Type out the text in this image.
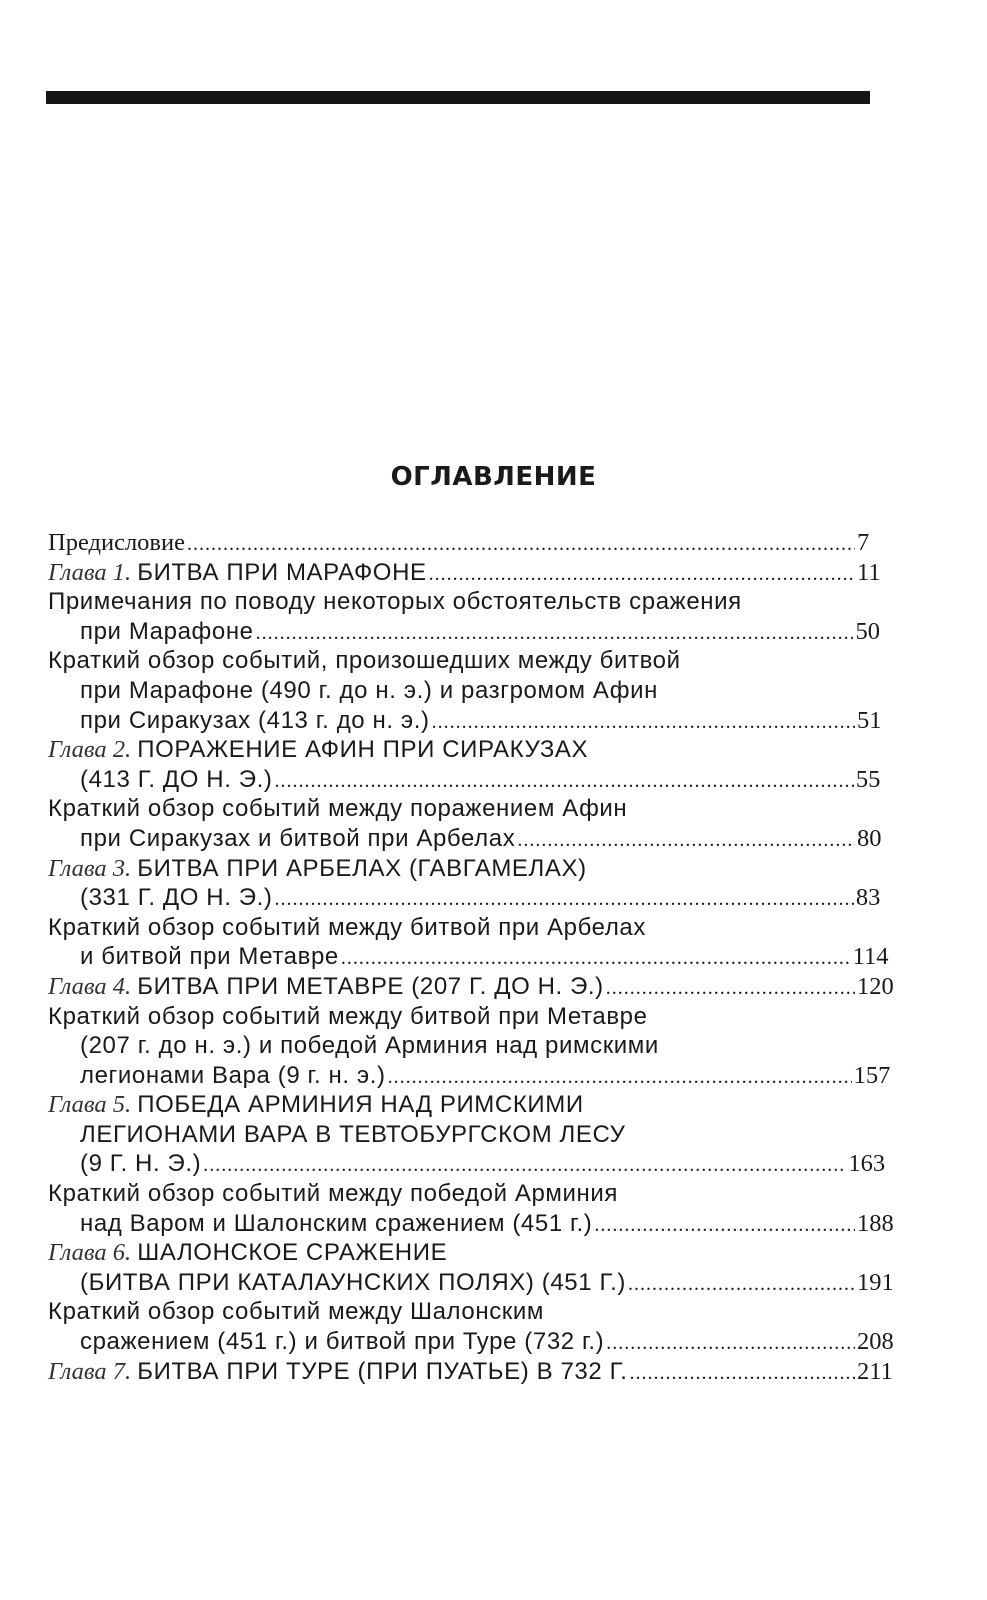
ОГЛАВЛЕНИЕ
Предисловие .....	7
Глава 1.
БИТВА ПРИ МАРАФОНЕ .....	11
Примечания по поводу некоторых обстоятельств сражения
при Марафоне .....	50
Краткий обзор событий, произошедших между битвой
при Марафоне (490 г. до н. э.) и разгромом Афин
при Сиракузах (413 г. до н. э.) .....	51
Глава 2.
ПОРАЖЕНИЕ АФИН ПРИ СИРАКУЗАХ
(413 Г. ДО Н. Э.) .....	55
Краткий обзор событий между поражением Афин
при Сиракузах и битвой при Арбелах .....	80
Глава 3.
БИТВА ПРИ АРБЕЛАХ (ГАВГАМЕЛАХ)
(331 Г. ДО Н. Э.) .....	83
Краткий обзор событий между битвой при Арбелах
и битвой при Метавре .....	114
Глава 4.
БИТВА ПРИ МЕТАВРЕ (207 Г. ДО Н. Э.) .....	120
Краткий обзор событий между битвой при Метавре
(207 г. до н. э.) и победой Арминия над римскими
легионами Вара (9 г. н. э.) .....	157
Глава 5.
ПОБЕДА АРМИНИЯ НАД РИМСКИМИ
ЛЕГИОНАМИ ВАРА В ТЕВТОБУРГСКОМ ЛЕСУ
(9 Г. Н. Э.) .....	163
Краткий обзор событий между победой Арминия
над Варом и Шалонским сражением (451 г.) .....	188
Глава 6.
ШАЛОНСКОЕ СРАЖЕНИЕ
(БИТВА ПРИ КАТАЛАУНСКИХ ПОЛЯХ) (451 Г.) .....	191
Краткий обзор событий между Шалонским
сражением (451 г.) и битвой при Туре (732 г.) .....	208
Глава 7.
БИТВА ПРИ ТУРЕ (ПРИ ПУАТЬЕ) В 732 Г. .....	211
